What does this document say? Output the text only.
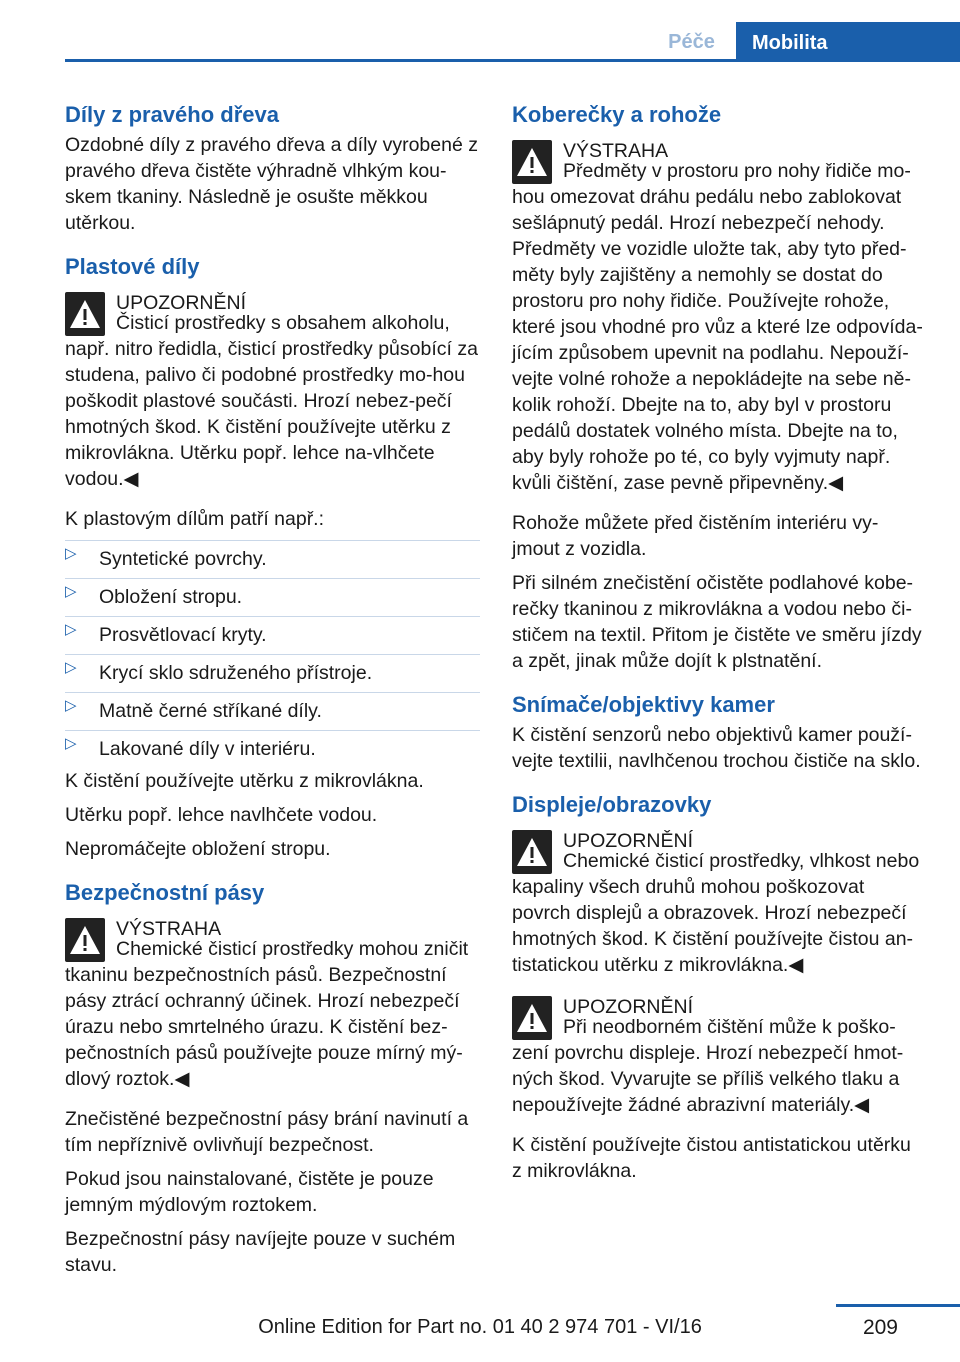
Péče	Mobilita
Díly z pravého dřeva

Ozdobné díly z pravého dřeva a díly vyrobené z pravého dřeva čistěte výhradně vlhkým kou-skem tkaniny. Následně je osušte měkkou utěrkou.

Plastové díly
UPOZORNĚNÍ
Čisticí prostředky s obsahem alkoholu, např. nitro ředidla, čisticí prostředky působící za studena, palivo či podobné prostředky mo-hou poškodit plastové součásti. Hrozí nebez-pečí hmotných škod. K čistění používejte utěrku z mikrovlákna. Utěrku popř. lehce na-vlhčete vodou.◀

K plastovým dílům patří např.:

▷ Syntetické povrchy.
▷ Obložení stropu.
▷ Prosvětlovací kryty.
▷ Krycí sklo sdruženého přístroje.
▷ Matně černé stříkané díly.
▷ Lakované díly v interiéru.

K čistění používejte utěrku z mikrovlákna.

Utěrku popř. lehce navlhčete vodou.

Nepromáčejte obložení stropu.

Bezpečnostní pásy
VÝSTRAHA
Chemické čisticí prostředky mohou zničit tkaninu bezpečnostních pásů. Bezpečnostní pásy ztrácí ochranný účinek. Hrozí nebezpečí úrazu nebo smrtelného úrazu. K čistění bez-pečnostních pásů používejte pouze mírný mý-dlový roztok.◀

Znečistěné bezpečnostní pásy brání navinutí a tím nepříznivě ovlivňují bezpečnost.

Pokud jsou nainstalované, čistěte je pouze jemným mýdlovým roztokem.

Bezpečnostní pásy navíjejte pouze v suchém stavu.

Koberečky a rohože
VÝSTRAHA
Předměty v prostoru pro nohy řidiče mo-hou omezovat dráhu pedálu nebo zablokovat sešlápnutý pedál. Hrozí nebezpečí nehody. Předměty ve vozidle uložte tak, aby tyto před-měty byly zajištěny a nemohly se dostat do prostoru pro nohy řidiče. Používejte rohože, které jsou vhodné pro vůz a které lze odpovída-jícím způsobem upevnit na podlahu. Nepouží-vejte volné rohože a nepokládejte na sebe ně-kolik rohoží. Dbejte na to, aby byl v prostoru pedálů dostatek volného místa. Dbejte na to, aby byly rohože po té, co byly vyjmuty např. kvůli čištění, zase pevně připevněny.◀

Rohože můžete před čistěním interiéru vy-jmout z vozidla.

Při silném znečistění očistěte podlahové kobe-rečky tkaninou z mikrovlákna a vodou nebo či-stičem na textil. Přitom je čistěte ve směru jízdy a zpět, jinak může dojít k plstnatění.

Snímače/objektivy kamer

K čistění senzorů nebo objektivů kamer použí-vejte textilii, navlhčenou trochou čističe na sklo.

Displeje/obrazovky
UPOZORNĚNÍ
Chemické čisticí prostředky, vlhkost nebo kapaliny všech druhů mohou poškozovat povrch displejů a obrazovek. Hrozí nebezpečí hmotných škod. K čistění používejte čistou an-tistatickou utěrku z mikrovlákna.◀
UPOZORNĚNÍ
Při neodborném čištění může k poško-zení povrchu displeje. Hrozí nebezpečí hmot-ných škod. Vyvarujte se příliš velkého tlaku a nepoužívejte žádné abrazivní materiály.◀

K čistění používejte čistou antistatickou utěrku z mikrovlákna.

209
Online Edition for Part no. 01 40 2 974 701 - VI/16
